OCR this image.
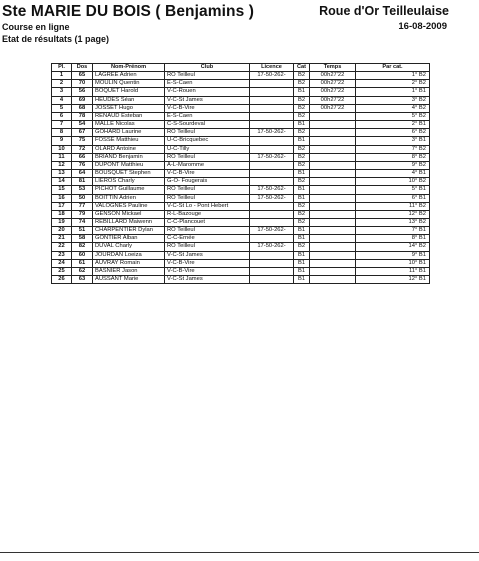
Ste MARIE DU BOIS ( Benjamins )	Roue d'Or Teilleulaise
16-08-2009
Course en ligne
Etat de résultats (1 page)
Pl.	Dos	Nom-Prénom	Club	Licence	Cat	Temps	Par cat.
1	65	LAGREE Adrien	RO Teilleul	17-50-262-	B2	00h27'22	1° B2
2	70	MOULIN Quentin	E-S-Caen		B2	00h27'22	2° B2
3	56	BOQUET Harold	V-C-Rouen		B1	00h27'22	1° B1
4	69	HEUDES Séan	V-C-St James		B2	00h27'22	3° B2
5	68	JOSSET Hugo	V-C-B-Vire		B2	00h27'22	4° B2
6	78	RENAUD Esteban	E-S-Caen		B2		5° B2
7	54	MALLE Nicolas	C-S-Sourdeval		B1		2° B1
8	67	GOHARD Laurine	RO Teilleul	17-50-262-	B2		6° B2
9	75	FOSSE Matthieu	U-C-Bricquebec		B1		3° B1
10	72	OLARD Antoine	U-C-Tilly		B2		7° B2
11	66	BRIAND Benjamin	RO Teilleul	17-50-262-	B2		8° B2
12	76	DUPONT Matthieu	A-L-Maromme		B2		9° B2
13	64	BOUSQUET Stephen	V-C-B-Vire		B1		4° B1
14	81	LIEROS Charly	G-O- Fougerais		B2		10° B2
15	53	PICHOT Guillaume	RO Teilleul	17-50-262-	B1		5° B1
16	50	BOITTIN Adrien	RO Teilleul	17-50-262-	B1		6° B1
17	77	VALOGNES Pauline	V-C-St Lo - Pont Hebert		B2		11° B2
18	79	GENSON Mickael	R-L-Bazouge		B2		12° B2
19	74	REBILLARD Maiwenn	C-C-Plancouet		B2		13° B2
20	51	CHARPENTIER Dylan	RO Teilleul	17-50-262-	B1		7° B1
21	58	GONTIER Alban	C-C-Ernée		B1		8° B1
22	82	DUVAL Charly	RO Teilleul	17-50-262-	B2		14° B2
23	60	JOURDAN Loeiza	V-C-St James		B1		9° B1
24	61	AUVRAY Romain	V-C-B-Vire		B1		10° B1
25	62	BASNIER Jason	V-C-B-Vire		B1		11° B1
26	63	AUSSANT Marie	V-C-St James		B1		12° B1
